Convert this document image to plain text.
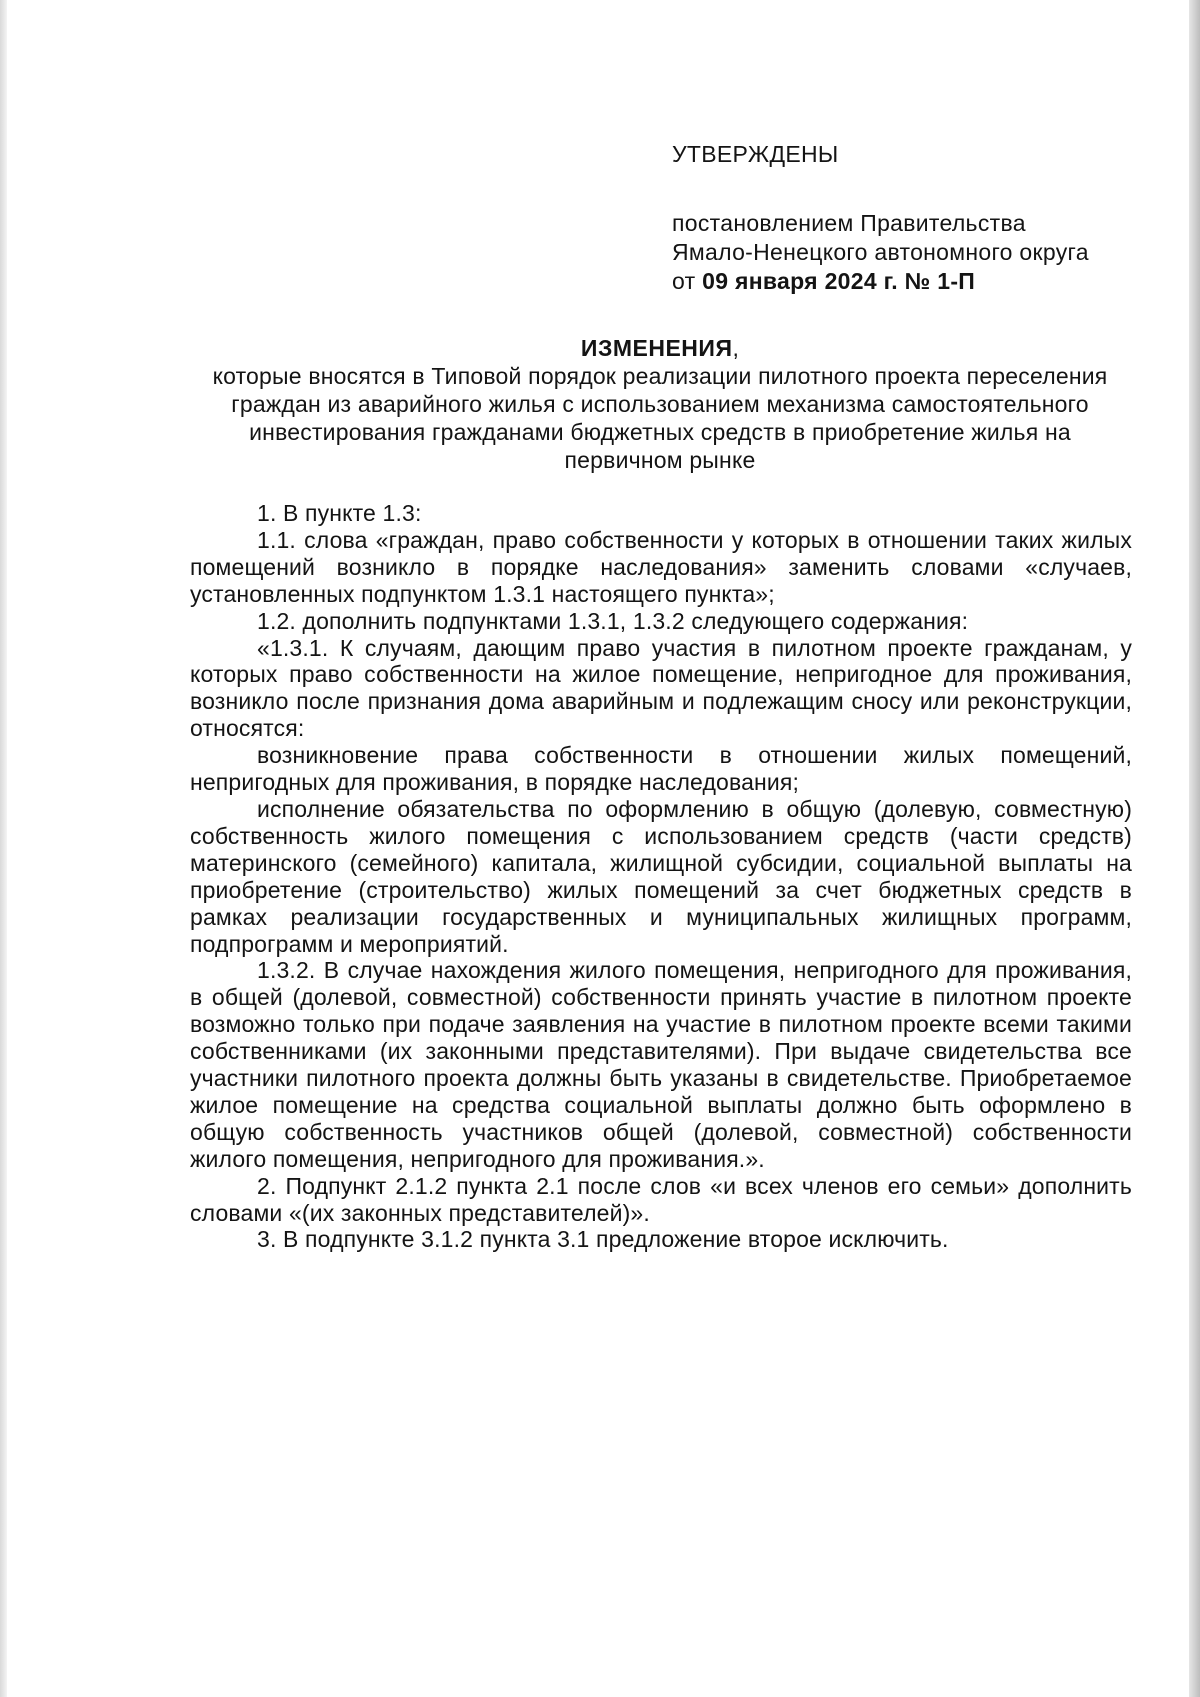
УТВЕРЖДЕНЫ
постановлением Правительства
Ямало-Ненецкого автономного округа
от 09 января 2024 г. № 1-П
ИЗМЕНЕНИЯ,
которые вносятся в Типовой порядок реализации пилотного проекта переселения граждан из аварийного жилья с использованием механизма самостоятельного инвестирования гражданами бюджетных средств в приобретение жилья на первичном рынке

1. В пункте 1.3:

1.1. слова «граждан, право собственности у которых в отношении таких жилых помещений возникло в порядке наследования» заменить словами «случаев, установленных подпунктом 1.3.1 настоящего пункта»;

1.2. дополнить подпунктами 1.3.1, 1.3.2 следующего содержания:

«1.3.1. К случаям, дающим право участия в пилотном проекте гражданам, у которых право собственности на жилое помещение, непригодное для проживания, возникло после признания дома аварийным и подлежащим сносу или реконструкции, относятся:

возникновение права собственности в отношении жилых помещений, непригодных для проживания, в порядке наследования;

исполнение обязательства по оформлению в общую (долевую, совместную) собственность жилого помещения с использованием средств (части средств) материнского (семейного) капитала, жилищной субсидии, социальной выплаты на приобретение (строительство) жилых помещений за счет бюджетных средств в рамках реализации государственных и муниципальных жилищных программ, подпрограмм и мероприятий.

1.3.2. В случае нахождения жилого помещения, непригодного для проживания, в общей (долевой, совместной) собственности принять участие в пилотном проекте возможно только при подаче заявления на участие в пилотном проекте всеми такими собственниками (их законными представителями). При выдаче свидетельства все участники пилотного проекта должны быть указаны в свидетельстве. Приобретаемое жилое помещение на средства социальной выплаты должно быть оформлено в общую собственность участников общей (долевой, совместной) собственности жилого помещения, непригодного для проживания.».

2. Подпункт 2.1.2 пункта 2.1 после слов «и всех членов его семьи» дополнить словами «(их законных представителей)».

3. В подпункте 3.1.2 пункта 3.1 предложение второе исключить.
